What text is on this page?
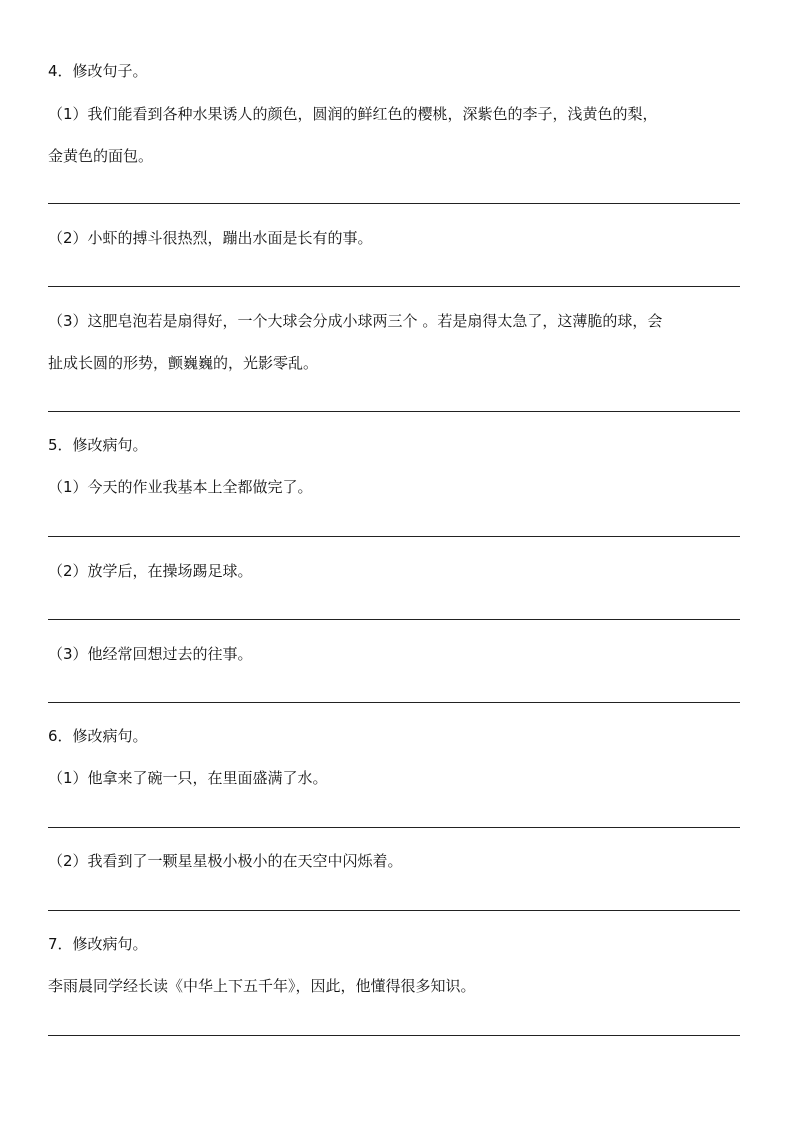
4．修改句子。
（1）我们能看到各种水果诱人的颜色，圆润的鲜红色的樱桃，深紫色的李子，浅黄色的梨，
金黄色的面包。
（2）小虾的搏斗很热烈，蹦出水面是长有的事。
（3）这肥皂泡若是扇得好，一个大球会分成小球两三个 。若是扇得太急了，这薄脆的球，会
扯成长圆的形势，颤巍巍的，光影零乱。
5．修改病句。
（1）今天的作业我基本上全都做完了。
（2）放学后，在操场踢足球。
（3）他经常回想过去的往事。
6．修改病句。
（1）他拿来了碗一只，在里面盛满了水。
（2）我看到了一颗星星极小极小的在天空中闪烁着。
7．修改病句。
李雨晨同学经长读《中华上下五千年》，因此，他懂得很多知识。
